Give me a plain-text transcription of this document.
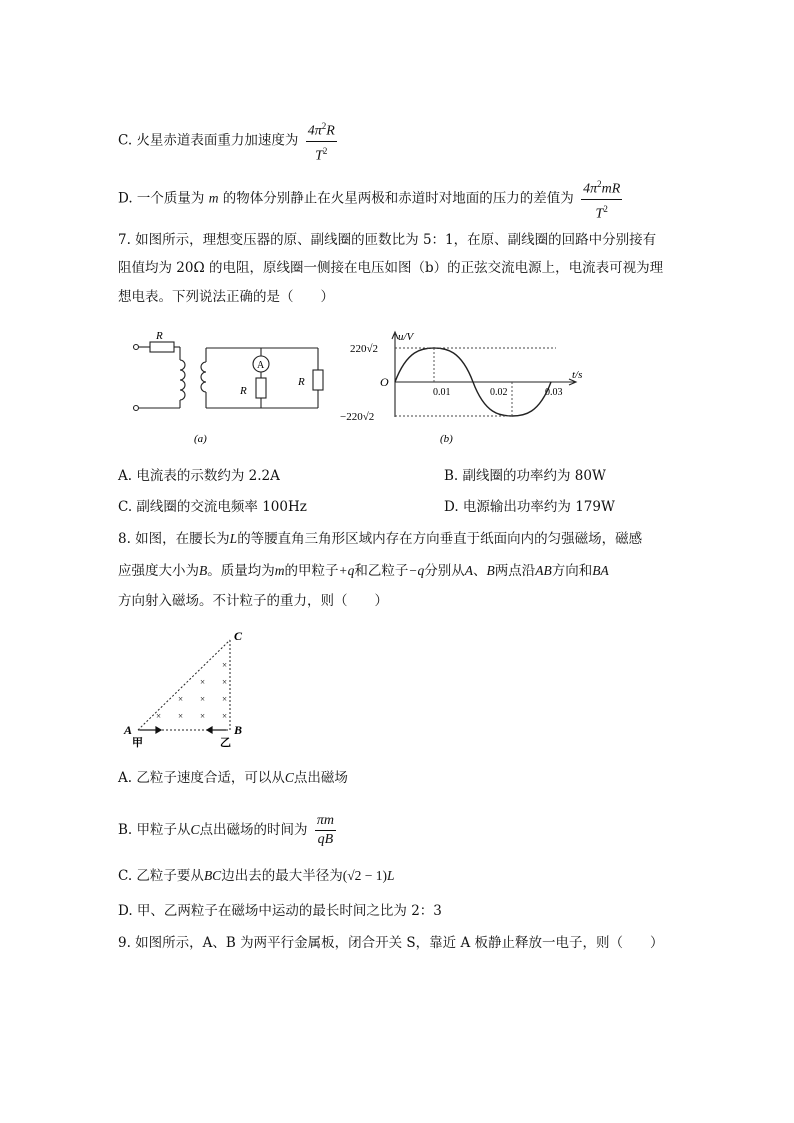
C. 火星赤道表面重力加速度为 $\frac{4\pi^2R}{T^2}$
D. 一个质量为 m 的物体分别静止在火星两极和赤道时对地面的压力的差值为 $\frac{4\pi^2mR}{T^2}$
7. 如图所示，理想变压器的原、副线圈的匝数比为 5：1，在原、副线圈的回路中分别接有
阻值均为 20Ω 的电阻，原线圈一侧接在电压如图（b）的正弦交流电源上，电流表可视为理
想电表。下列说法正确的是（　　）
R
A
R
R
(a)
u/V
t/s
O
220√2
−220√2
0.01	0.02	0.03
(b)
A. 电流表的示数约为 2.2A	B. 副线圈的功率约为 80W
C. 副线圈的交流电频率 100Hz	D. 电源输出功率约为 179W
8. 如图，在腰长为L的等腰直角三角形区域内存在方向垂直于纸面向内的匀强磁场，磁感
应强度大小为B。质量均为m的甲粒子+q和乙粒子−q分别从A、B两点沿AB方向和BA
方向射入磁场。不计粒子的重力，则（　　）
×
×
×
×
×
×
×
×
×
×
C
A	B
甲	乙
A. 乙粒子速度合适，可以从C点出磁场
B. 甲粒子从C点出磁场的时间为 $\frac{\pi m}{qB}$
C. 乙粒子要从BC边出去的最大半径为(√2 − 1)L
D. 甲、乙两粒子在磁场中运动的最长时间之比为 2：3
9. 如图所示，A、B 为两平行金属板，闭合开关 S，靠近 A 板静止释放一电子，则（　　）
